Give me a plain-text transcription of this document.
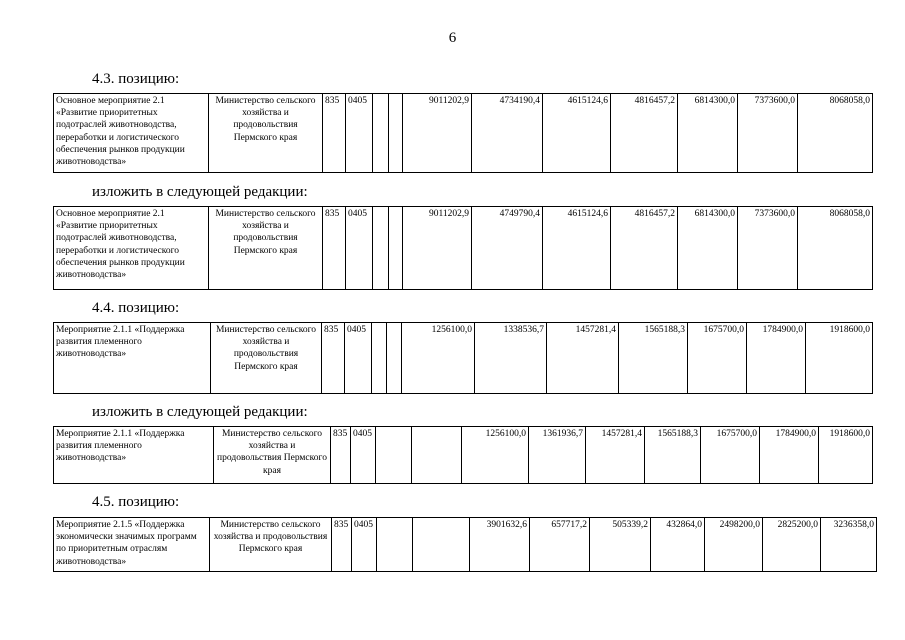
6
4.3. позицию:
Основное мероприятие 2.1 «Развитие приоритетных подотраслей животноводства, переработки и логистического обеспечения рынков продукции животноводства»	Министерство сельского хозяйства и продовольствия Пермского края	835	0405			9011202,9	4734190,4	4615124,6	4816457,2	6814300,0	7373600,0	8068058,0
изложить в следующей редакции:
Основное мероприятие 2.1 «Развитие приоритетных подотраслей животноводства, переработки и логистического обеспечения рынков продукции животноводства»	Министерство сельского хозяйства и продовольствия Пермского края	835	0405			9011202,9	4749790,4	4615124,6	4816457,2	6814300,0	7373600,0	8068058,0
4.4. позицию:
Мероприятие 2.1.1 «Поддержка развития племенного животноводства»	Министерство сельского хозяйства и продовольствия Пермского края	835	0405			1256100,0	1338536,7	1457281,4	1565188,3	1675700,0	1784900,0	1918600,0
изложить в следующей редакции:
Мероприятие 2.1.1 «Поддержка развития племенного животноводства»	Министерство сельского хозяйства и продовольствия Пермского края	835	0405			1256100,0	1361936,7	1457281,4	1565188,3	1675700,0	1784900,0	1918600,0
4.5. позицию:
Мероприятие 2.1.5 «Поддержка экономически значимых программ по приоритетным отраслям животноводства»	Министерство сельского хозяйства и продовольствия Пермского края	835	0405			3901632,6	657717,2	505339,2	432864,0	2498200,0	2825200,0	3236358,0
